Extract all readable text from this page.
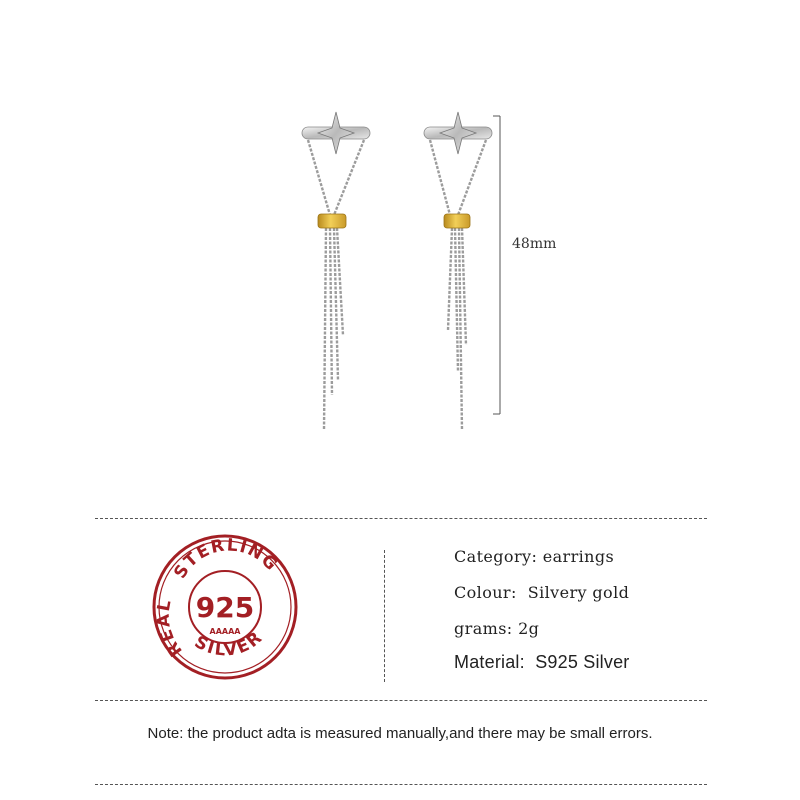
48mm
STERLING
REAL
SILVER
925
AAAAA
Category: earrings
Colour:  Silvery gold
grams: 2g
Material:  S925 Silver
Note: the product adta is measured manually,and there may be small errors.
